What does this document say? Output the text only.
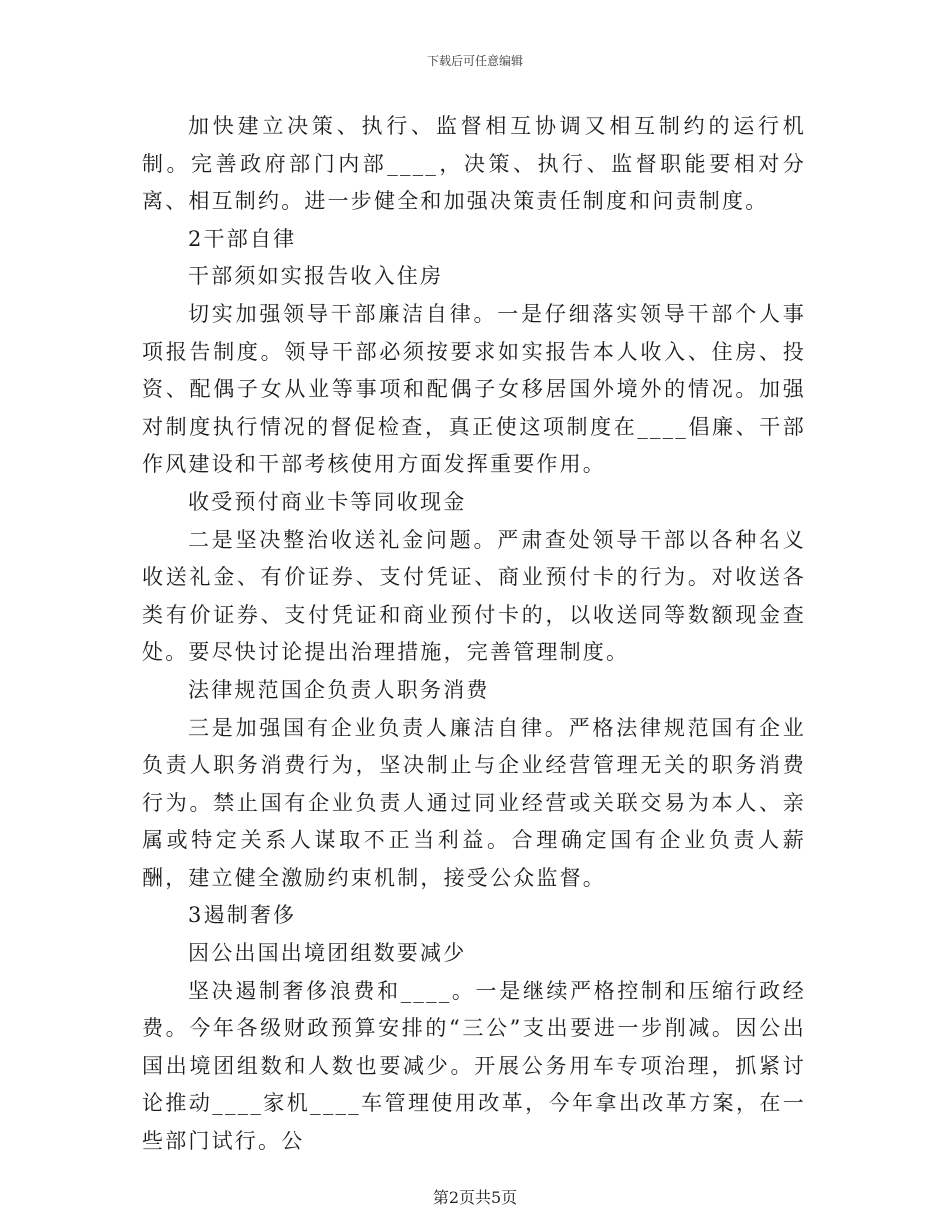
下载后可任意编辑

加快建立决策、执行、监督相互协调又相互制约的运行机制。完善政府部门内部____，决策、执行、监督职能要相对分离、相互制约。进一步健全和加强决策责任制度和问责制度。

2干部自律

干部须如实报告收入住房

切实加强领导干部廉洁自律。一是仔细落实领导干部个人事项报告制度。领导干部必须按要求如实报告本人收入、住房、投资、配偶子女从业等事项和配偶子女移居国外境外的情况。加强对制度执行情况的督促检查，真正使这项制度在____倡廉、干部作风建设和干部考核使用方面发挥重要作用。

收受预付商业卡等同收现金

二是坚决整治收送礼金问题。严肃查处领导干部以各种名义收送礼金、有价证券、支付凭证、商业预付卡的行为。对收送各类有价证券、支付凭证和商业预付卡的，以收送同等数额现金查处。要尽快讨论提出治理措施，完善管理制度。

法律规范国企负责人职务消费

三是加强国有企业负责人廉洁自律。严格法律规范国有企业负责人职务消费行为，坚决制止与企业经营管理无关的职务消费行为。禁止国有企业负责人通过同业经营或关联交易为本人、亲属或特定关系人谋取不正当利益。合理确定国有企业负责人薪酬，建立健全激励约束机制，接受公众监督。

3遏制奢侈

因公出国出境团组数要减少

坚决遏制奢侈浪费和____。一是继续严格控制和压缩行政经费。今年各级财政预算安排的“三公”支出要进一步削减。因公出国出境团组数和人数也要减少。开展公务用车专项治理，抓紧讨论推动____家机____车管理使用改革，今年拿出改革方案，在一些部门试行。公

第2页共5页
